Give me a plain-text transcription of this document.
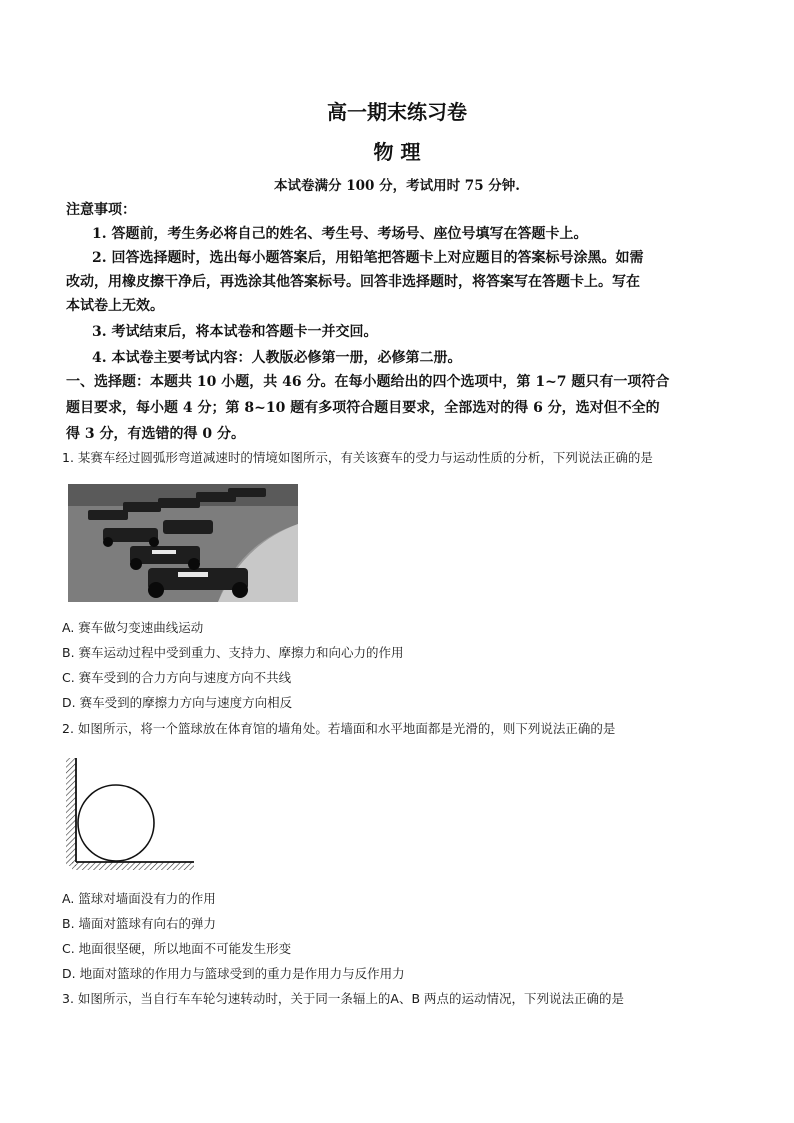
高一期末练习卷
物 理

本试卷满分 100 分，考试用时 75 分钟.

注意事项：
1. 答题前，考生务必将自己的姓名、考生号、考场号、座位号填写在答题卡上。
2. 回答选择题时，选出每小题答案后，用铅笔把答题卡上对应题目的答案标号涂黑。如需
改动，用橡皮擦干净后，再选涂其他答案标号。回答非选择题时，将答案写在答题卡上。写在
本试卷上无效。
3. 考试结束后，将本试卷和答题卡一并交回。
4. 本试卷主要考试内容：人教版必修第一册，必修第二册。
一、选择题：本题共 10 小题，共 46 分。在每小题给出的四个选项中，第 1~7 题只有一项符合
题目要求，每小题 4 分；第 8~10 题有多项符合题目要求，全部选对的得 6 分，选对但不全的
得 3 分，有选错的得 0 分。
1. 某赛车经过圆弧形弯道减速时的情境如图所示，有关该赛车的受力与运动性质的分析，下列说法正确的是
A. 赛车做匀变速曲线运动
B. 赛车运动过程中受到重力、支持力、摩擦力和向心力的作用
C. 赛车受到的合力方向与速度方向不共线
D. 赛车受到的摩擦力方向与速度方向相反
2. 如图所示，将一个篮球放在体育馆的墙角处。若墙面和水平地面都是光滑的，则下列说法正确的是
A. 篮球对墙面没有力的作用
B. 墙面对篮球有向右的弹力
C. 地面很坚硬，所以地面不可能发生形变
D. 地面对篮球的作用力与篮球受到的重力是作用力与反作用力
3. 如图所示，当自行车车轮匀速转动时，关于同一条辐上的A、B 两点的运动情况，下列说法正确的是
